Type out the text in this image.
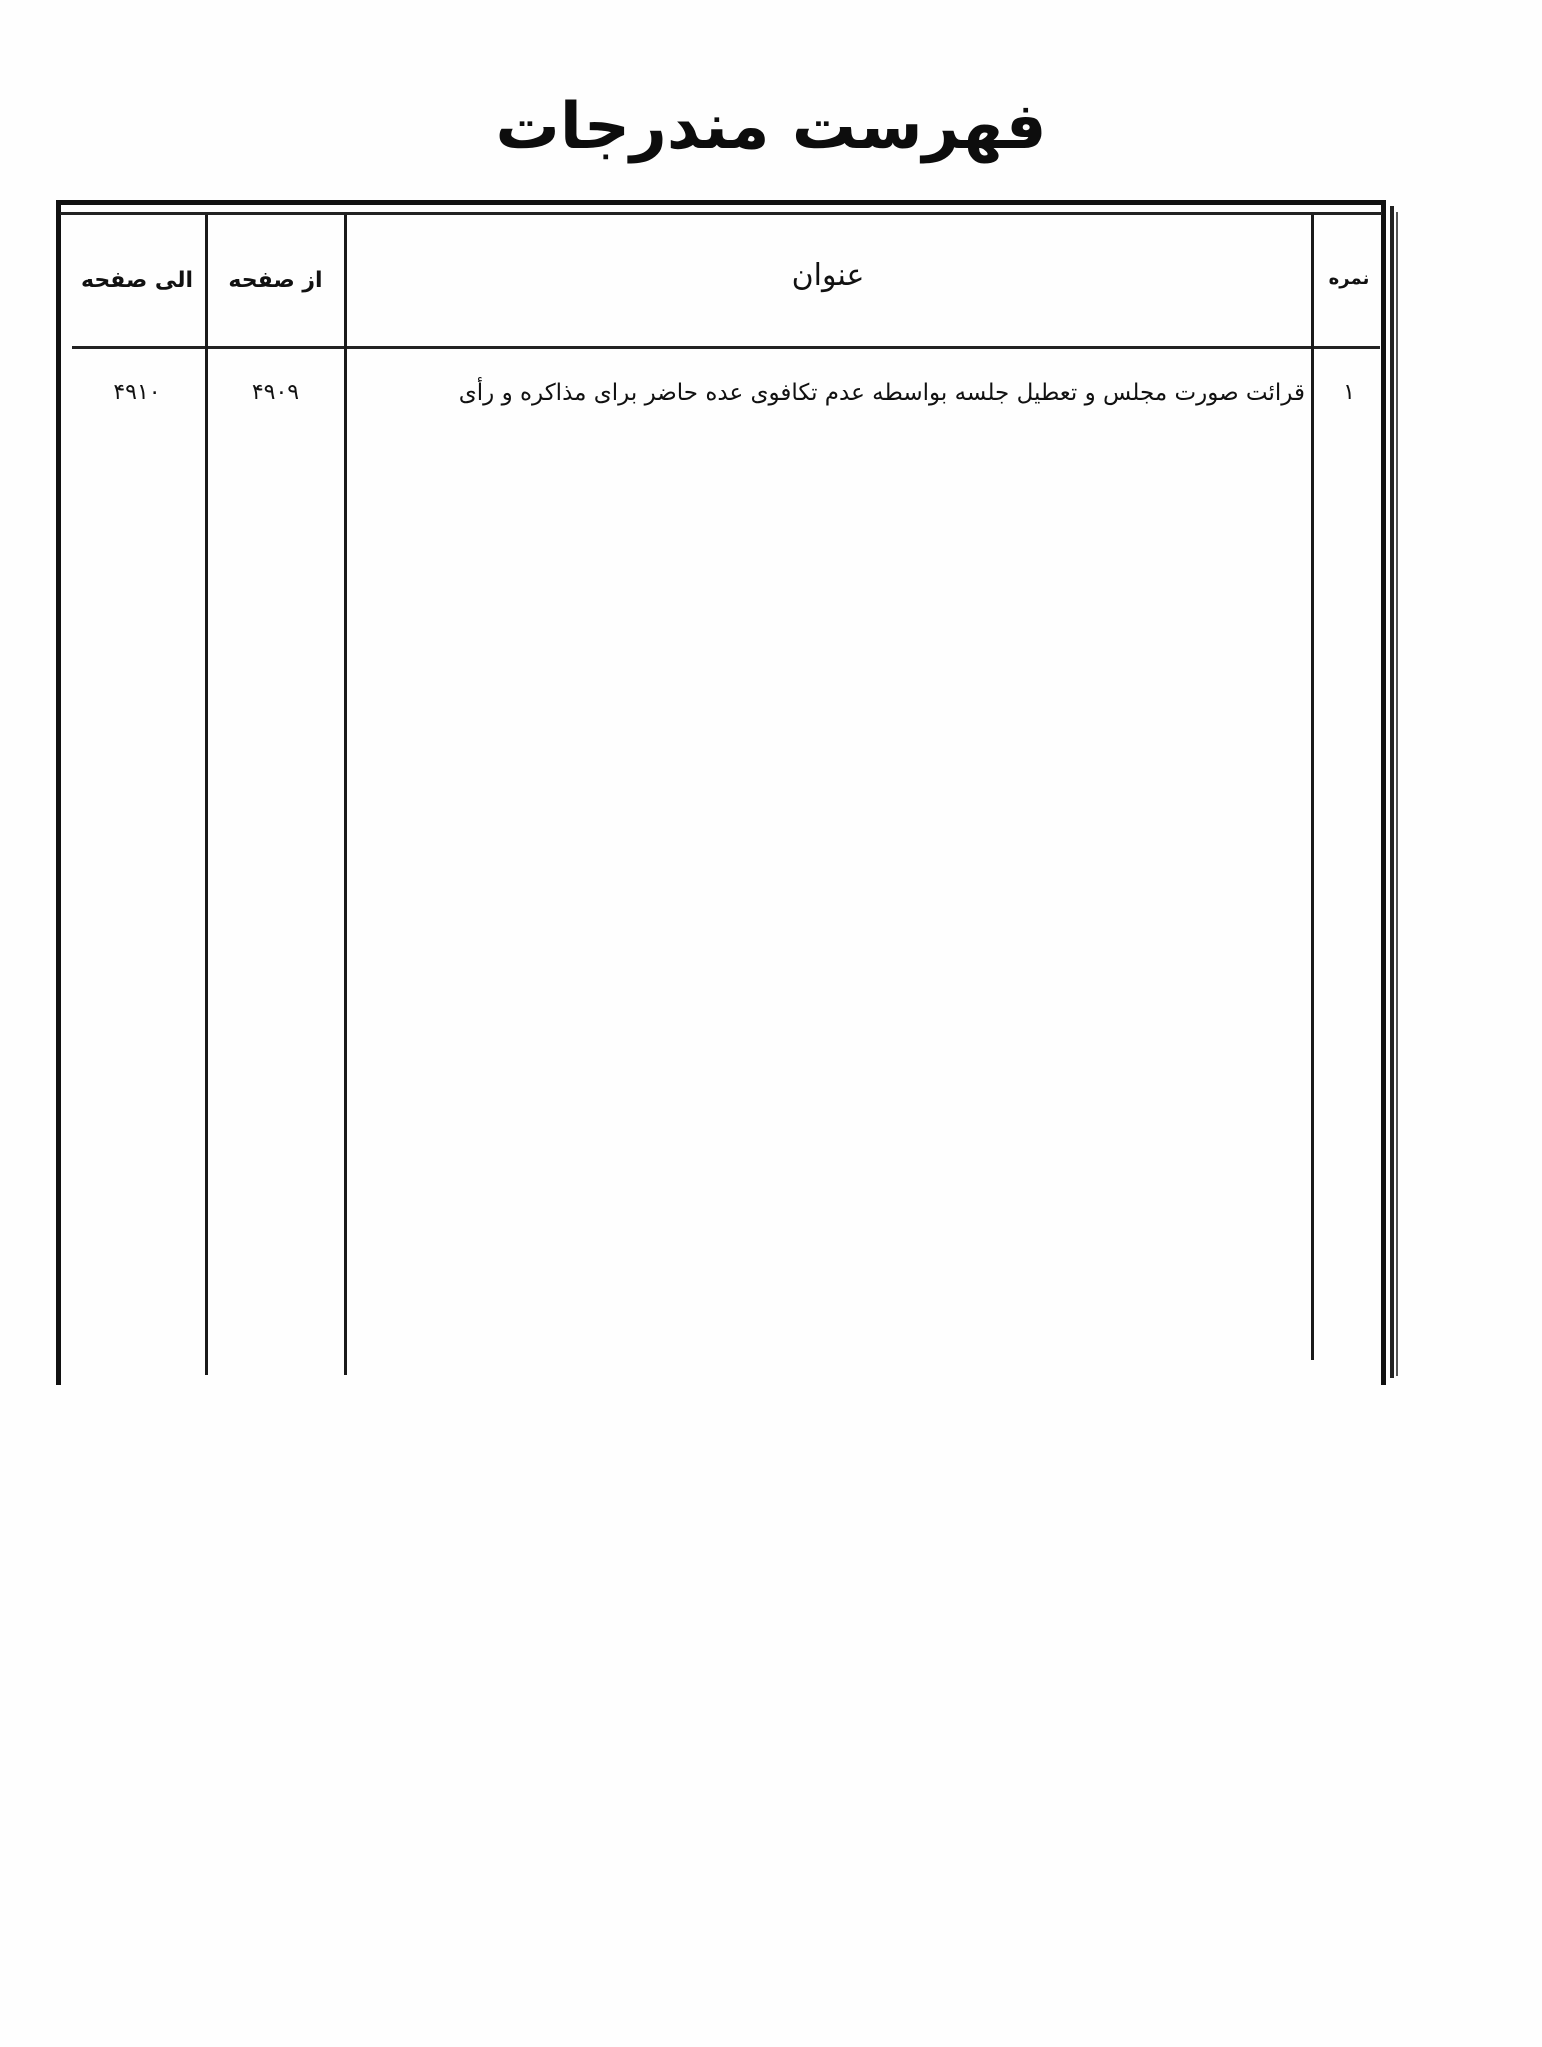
فهرست مندرجات
الی صفحه	از صفحه	عنوان	نمره
۴۹۱۰	۴۹۰۹	قرائت صورت مجلس و تعطیل جلسه بواسطه عدم تکافوی عده حاضر برای مذاکره و رأی	۱
